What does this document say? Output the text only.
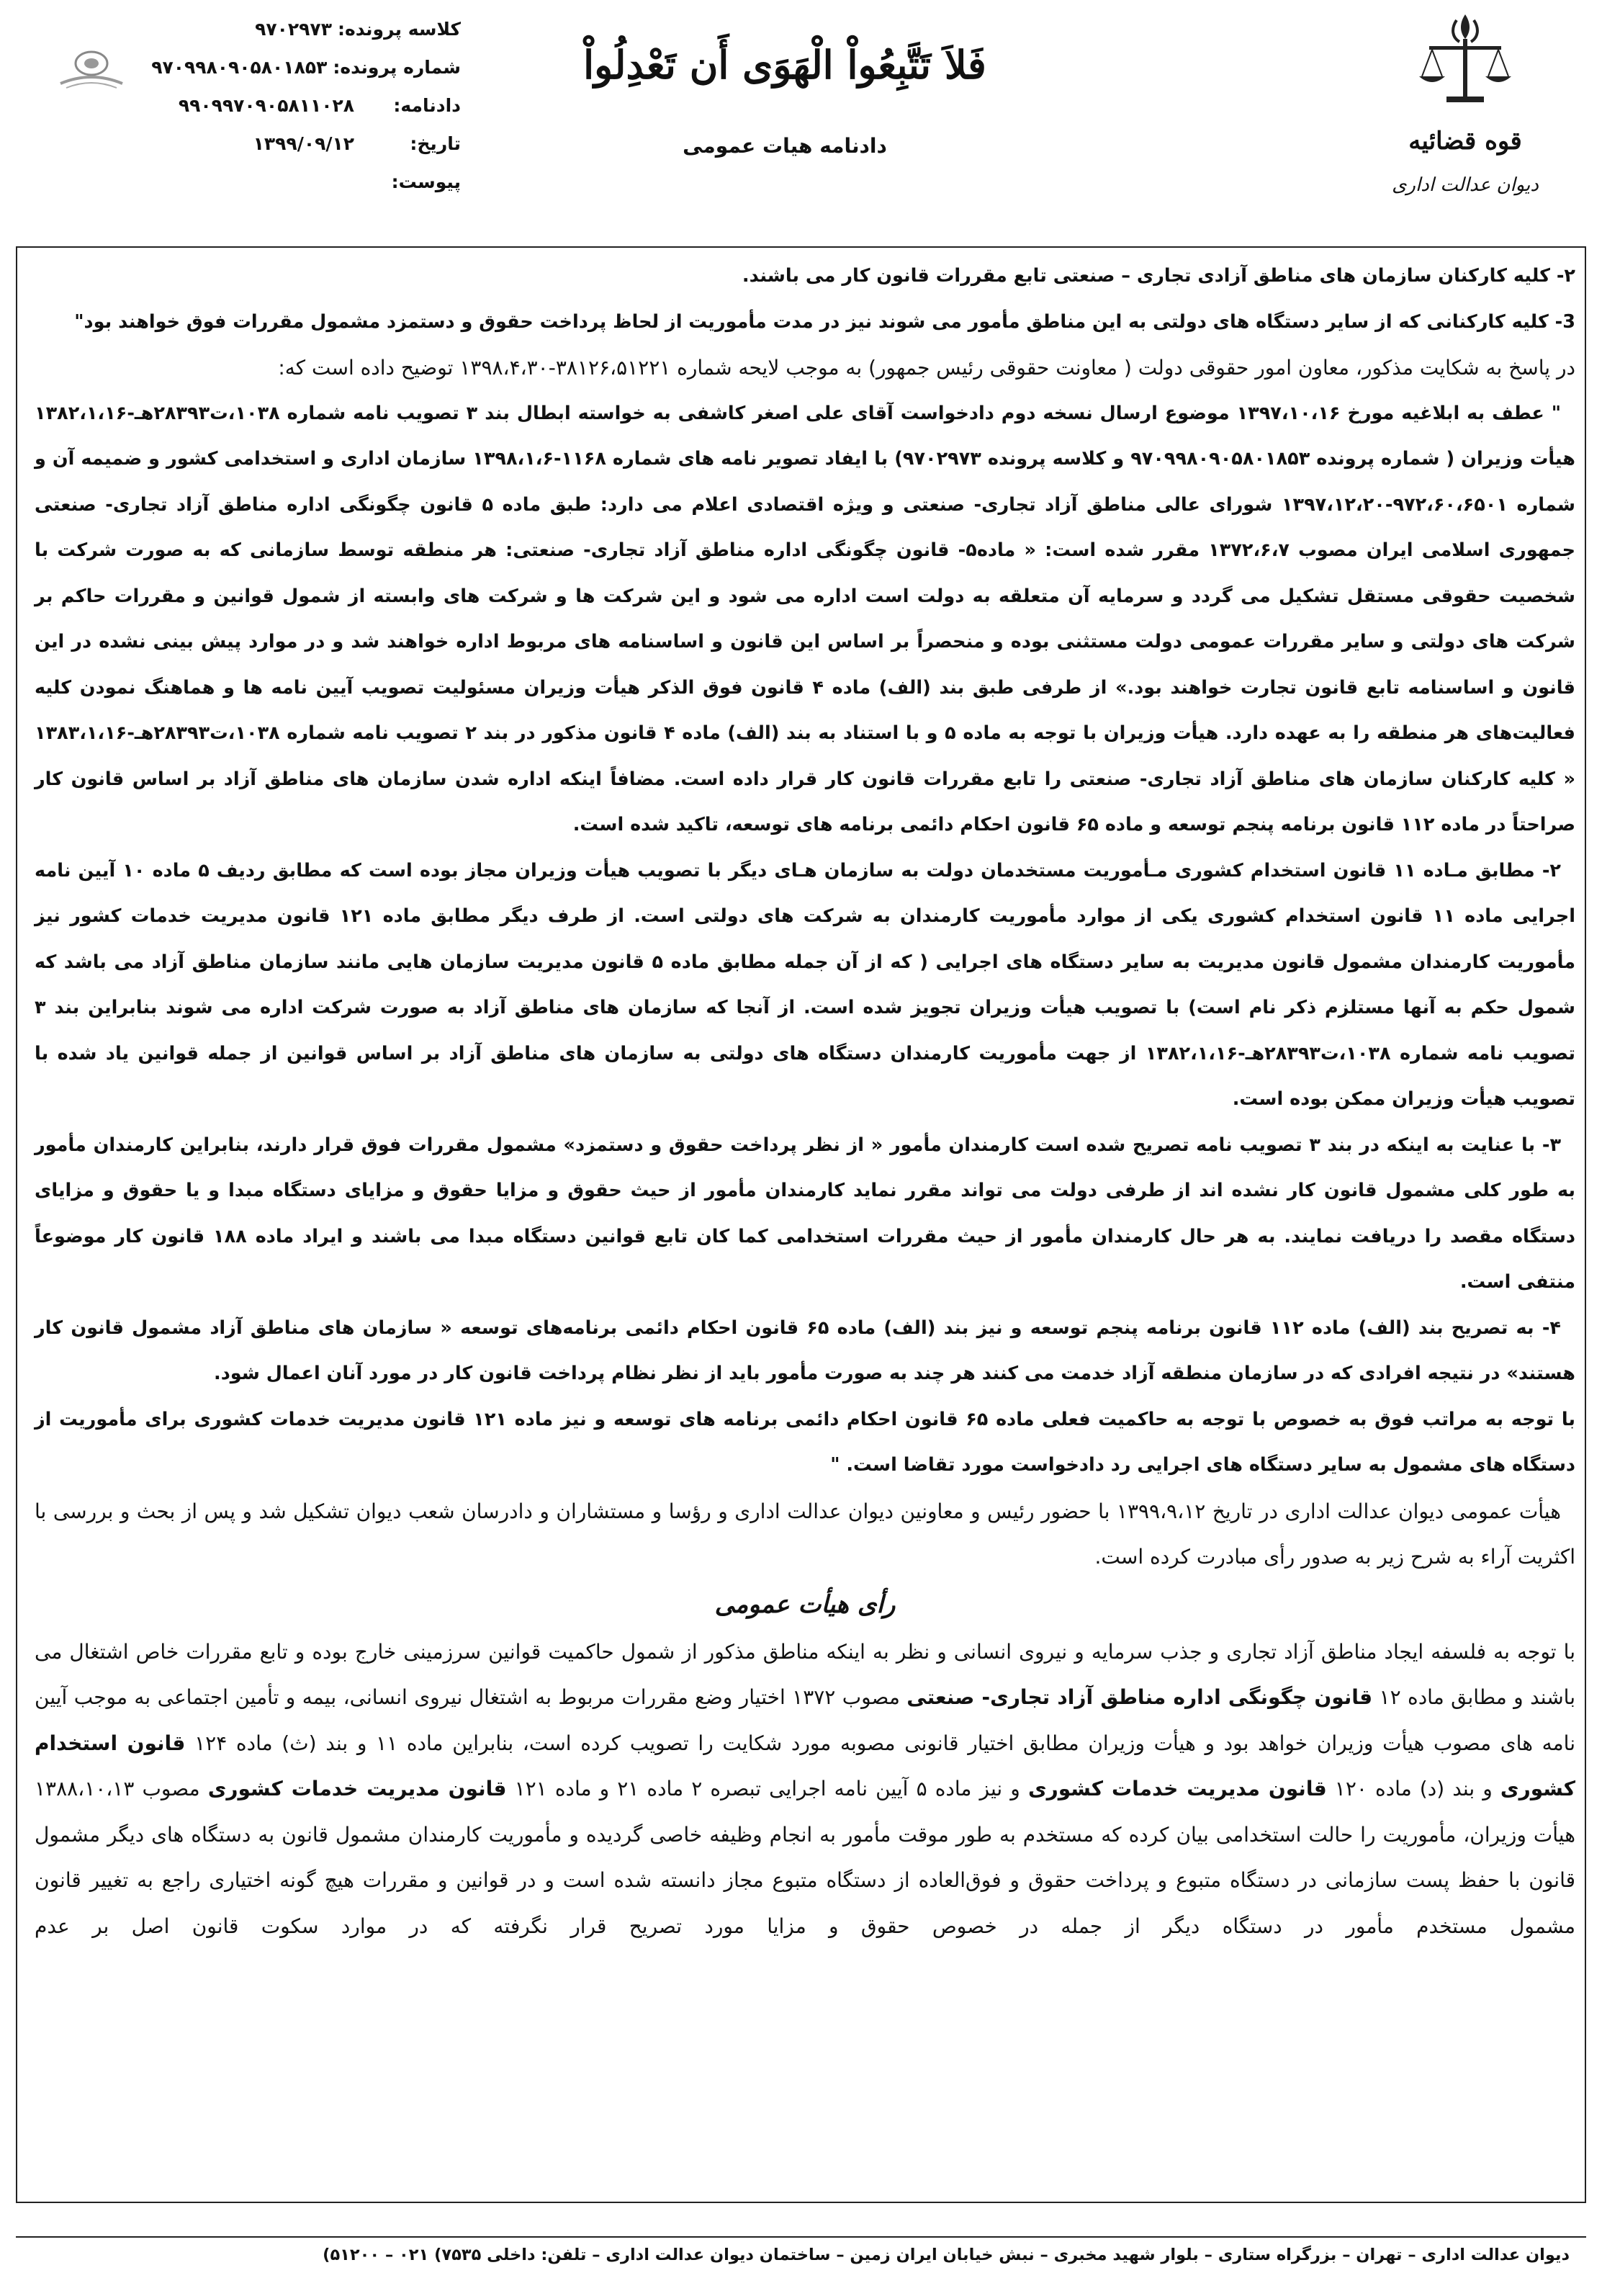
کلاسه پرونده:۹۷۰۲۹۷۳
شماره پرونده:۹۷۰۹۹۸۰۹۰۵۸۰۱۸۵۳
دادنامه:۹۹۰۹۹۷۰۹۰۵۸۱۱۰۲۸
تاریخ:۱۳۹۹/۰۹/۱۲
پیوست:
فَلاَ تَتَّبِعُواْ الْهَوَى أَن تَعْدِلُواْ
دادنامه هیات عمومی	قوه قضائیه
دیوان عدالت اداری

۲- کلیه کارکنان سازمان های مناطق آزادی تجاری – صنعتی تابع مقررات قانون کار می باشند.

3- کلیه کارکنانی که از سایر دستگاه های دولتی به این مناطق مأمور می شوند نیز در مدت مأموریت از لحاظ پرداخت حقوق و دستمزد مشمول مقررات فوق خواهند بود"

در پاسخ به شکایت مذکور، معاون امور حقوقی دولت ( معاونت حقوقی رئیس جمهور) به موجب لایحه شماره ۳۸۱۲۶،۵۱۲۲۱-۱۳۹۸،۴،۳۰ توضیح داده است که:

" عطف به ابلاغیه مورخ ۱۳۹۷،۱۰،۱۶ موضوع ارسال نسخه دوم دادخواست آقای علی اصغر کاشفی به خواسته ابطال بند ۳ تصویب نامه شماره ۱۰۳۸،ت۲۸۳۹۳هـ-۱۳۸۲،۱،۱۶ هیأت وزیران ( شماره پرونده ۹۷۰۹۹۸۰۹۰۵۸۰۱۸۵۳ و کلاسه پرونده ۹۷۰۲۹۷۳) با ایفاد تصویر نامه های شماره ۱۱۶۸-۱۳۹۸،۱،۶ سازمان اداری و استخدامی کشور و ضمیمه آن و شماره ۹۷۲،۶۰،۶۵۰۱-۱۳۹۷،۱۲،۲۰ شورای عالی مناطق آزاد تجاری- صنعتی و ویژه اقتصادی اعلام می دارد: طبق ماده ۵ قانون چگونگی اداره مناطق آزاد تجاری- صنعتی جمهوری اسلامی ایران مصوب ۱۳۷۲،۶،۷ مقرر شده است: « ماده۵- قانون چگونگی اداره مناطق آزاد تجاری- صنعتی: هر منطقه توسط سازمانی که به صورت شرکت با شخصیت حقوقی مستقل تشکیل می گردد و سرمایه آن متعلقه به دولت است اداره می شود و این شرکت ها و شرکت های وابسته از شمول قوانین و مقررات حاکم بر شرکت های دولتی و سایر مقررات عمومی دولت مستثنی بوده و منحصراً بر اساس این قانون و اساسنامه های مربوط اداره خواهند شد و در موارد پیش بینی نشده در این قانون و اساسنامه تابع قانون تجارت خواهند بود.» از طرفی طبق بند (الف) ماده ۴ قانون فوق الذکر هیأت وزیران مسئولیت تصویب آیین نامه ها و هماهنگ نمودن کلیه فعالیت‌های هر منطقه را به عهده دارد. هیأت وزیران با توجه به ماده ۵ و با استناد به بند (الف) ماده ۴ قانون مذکور در بند ۲ تصویب نامه شماره ۱۰۳۸،ت۲۸۳۹۳هـ-۱۳۸۳،۱،۱۶ « کلیه کارکنان سازمان های مناطق آزاد تجاری- صنعتی را تابع مقررات قانون کار قرار داده است. مضافاً اینکه اداره شدن سازمان های مناطق آزاد بر اساس قانون کار صراحتاً در ماده ۱۱۲ قانون برنامه پنجم توسعه و ماده ۶۵ قانون احکام دائمی برنامه های توسعه، تاکید شده است.

۲- مطابق مـاده ۱۱ قانون استخدام کشوری مـأموریت مستخدمان دولت به سازمان هـای دیگر با تصویب هیأت وزیران مجاز بوده است که مطابق ردیف ۵ ماده ۱۰ آیین نامه اجرایی ماده ۱۱ قانون استخدام کشوری یکی از موارد مأموریت کارمندان به شرکت های دولتی است. از طرف دیگر مطابق ماده ۱۲۱ قانون مدیریت خدمات کشور نیز مأموریت کارمندان مشمول قانون مدیریت به سایر دستگاه های اجرایی ( که از آن جمله مطابق ماده ۵ قانون مدیریت سازمان هایی مانند سازمان مناطق آزاد می باشد که شمول حکم به آنها مستلزم ذکر نام است) با تصویب هیأت وزیران تجویز شده است. از آنجا که سازمان های مناطق آزاد به صورت شرکت اداره می شوند بنابراین بند ۳ تصویب نامه شماره ۱۰۳۸،ت۲۸۳۹۳هـ-۱۳۸۲،۱،۱۶ از جهت مأموریت کارمندان دستگاه های دولتی به سازمان های مناطق آزاد بر اساس قوانین از جمله قوانین یاد شده با تصویب هیأت وزیران ممکن بوده است.

۳- با عنایت به اینکه در بند ۳ تصویب نامه تصریح شده است کارمندان مأمور « از نظر پرداخت حقوق و دستمزد» مشمول مقررات فوق قرار دارند، بنابراین کارمندان مأمور به طور کلی مشمول قانون کار نشده اند از طرفی دولت می تواند مقرر نماید کارمندان مأمور از حیث حقوق و مزایا حقوق و مزایای دستگاه مبدا و یا حقوق و مزایای دستگاه مقصد را دریافت نمایند. به هر حال کارمندان مأمور از حیث مقررات استخدامی کما کان تابع قوانین دستگاه مبدا می باشند و ایراد ماده ۱۸۸ قانون کار موضوعاً منتفی است.

۴- به تصریح بند (الف) ماده ۱۱۲ قانون برنامه پنجم توسعه و نیز بند (الف) ماده ۶۵ قانون احکام دائمی برنامه‌های توسعه « سازمان های مناطق آزاد مشمول قانون کار هستند» در نتیجه افرادی که در سازمان منطقه آزاد خدمت می کنند هر چند به صورت مأمور باید از نظر نظام پرداخت قانون کار در مورد آنان اعمال شود.

با توجه به مراتب فوق به خصوص با توجه به حاکمیت فعلی ماده ۶۵ قانون احکام دائمی برنامه های توسعه و نیز ماده ۱۲۱ قانون مدیریت خدمات کشوری برای مأموریت از دستگاه های مشمول به سایر دستگاه های اجرایی رد دادخواست مورد تقاضا است. "

هیأت عمومی دیوان عدالت اداری در تاریخ ۱۳۹۹،۹،۱۲ با حضور رئیس و معاونین دیوان عدالت اداری و رؤسا و مستشاران و دادرسان شعب دیوان تشکیل شد و پس از بحث و بررسی با اکثریت آراء به شرح زیر به صدور رأی مبادرت کرده است.

رأی هیأت عمومی

با توجه به فلسفه ایجاد مناطق آزاد تجاری و جذب سرمایه و نیروی انسانی و نظر به اینکه مناطق مذکور از شمول حاکمیت قوانین سرزمینی خارج بوده و تابع مقررات خاص اشتغال می باشند و مطابق ماده ۱۲ قانون چگونگی اداره مناطق آزاد تجاری- صنعتی مصوب ۱۳۷۲ اختیار وضع مقررات مربوط به اشتغال نیروی انسانی، بیمه و تأمین اجتماعی به موجب آیین نامه های مصوب هیأت وزیران خواهد بود و هیأت وزیران مطابق اختیار قانونی مصوبه مورد شکایت را تصویب کرده است، بنابراین ماده ۱۱ و بند (ث) ماده ۱۲۴ قانون استخدام کشوری و بند (د) ماده ۱۲۰ قانون مدیریت خدمات کشوری و نیز ماده ۵ آیین نامه اجرایی تبصره ۲ ماده ۲۱ و ماده ۱۲۱ قانون مدیریت خدمات کشوری مصوب ۱۳۸۸،۱۰،۱۳ هیأت وزیران، مأموریت را حالت استخدامی بیان کرده که مستخدم به طور موقت مأمور به انجام وظیفه خاصی گردیده و مأموریت کارمندان مشمول قانون به دستگاه های دیگر مشمول قانون با حفظ پست سازمانی در دستگاه متبوع و پرداخت حقوق و فوق‌العاده از دستگاه متبوع مجاز دانسته شده است و در قوانین و مقررات هیچ گونه اختیاری راجع به تغییر قانون مشمول مستخدم مأمور در دستگاه دیگر از جمله در خصوص حقوق و مزایا مورد تصریح قرار نگرفته که در موارد سکوت قانون اصل بر عدم

دیوان عدالت اداری – تهران – بزرگراه ستاری – بلوار شهید مخبری – نبش خیابان ایران زمین – ساختمان دیوان عدالت اداری – تلفن: داخلی ۷۵۳۵) ۰۲۱ – ۵۱۲۰۰)
